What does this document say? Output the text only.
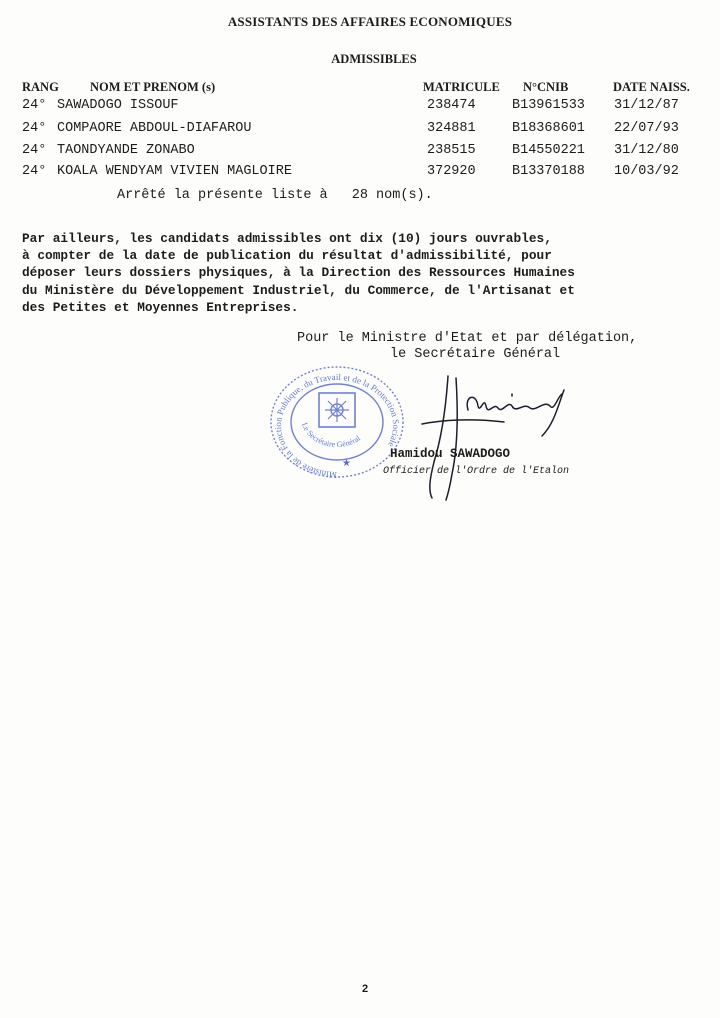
ASSISTANTS DES AFFAIRES ECONOMIQUES
ADMISSIBLES
RANG NOM ET PRENOM (s)	MATRICULE N°CNIB	DATE NAISS.
24° SAWADOGO ISSOUF	238474	B13961533 31/12/87
24° COMPAORE ABDOUL-DIAFAROU	324881	B18368601 22/07/93
24° TAONDYANDE ZONABO	238515	B14550221 31/12/80
24° KOALA WENDYAM VIVIEN MAGLOIRE	372920	B13370188 10/03/92
Arrêté la présente liste à 28 nom(s).
Par ailleurs, les candidats admissibles ont dix (10) jours ouvrables,
à compter de la date de publication du résultat d'admissibilité, pour
déposer leurs dossiers physiques, à la Direction des Ressources Humaines
du Ministère du Développement Industriel, du Commerce, de l'Artisanat et
des Petites et Moyennes Entreprises.
Pour le Ministre d'Etat et par délégation,
le Secrétaire Général
Ministère de la Fonction Publique, du Travail et de la Protection Sociale
Le Secrétaire Général
★
Hamidou SAWADOGO
Officier de l'Ordre de l'Etalon
2
